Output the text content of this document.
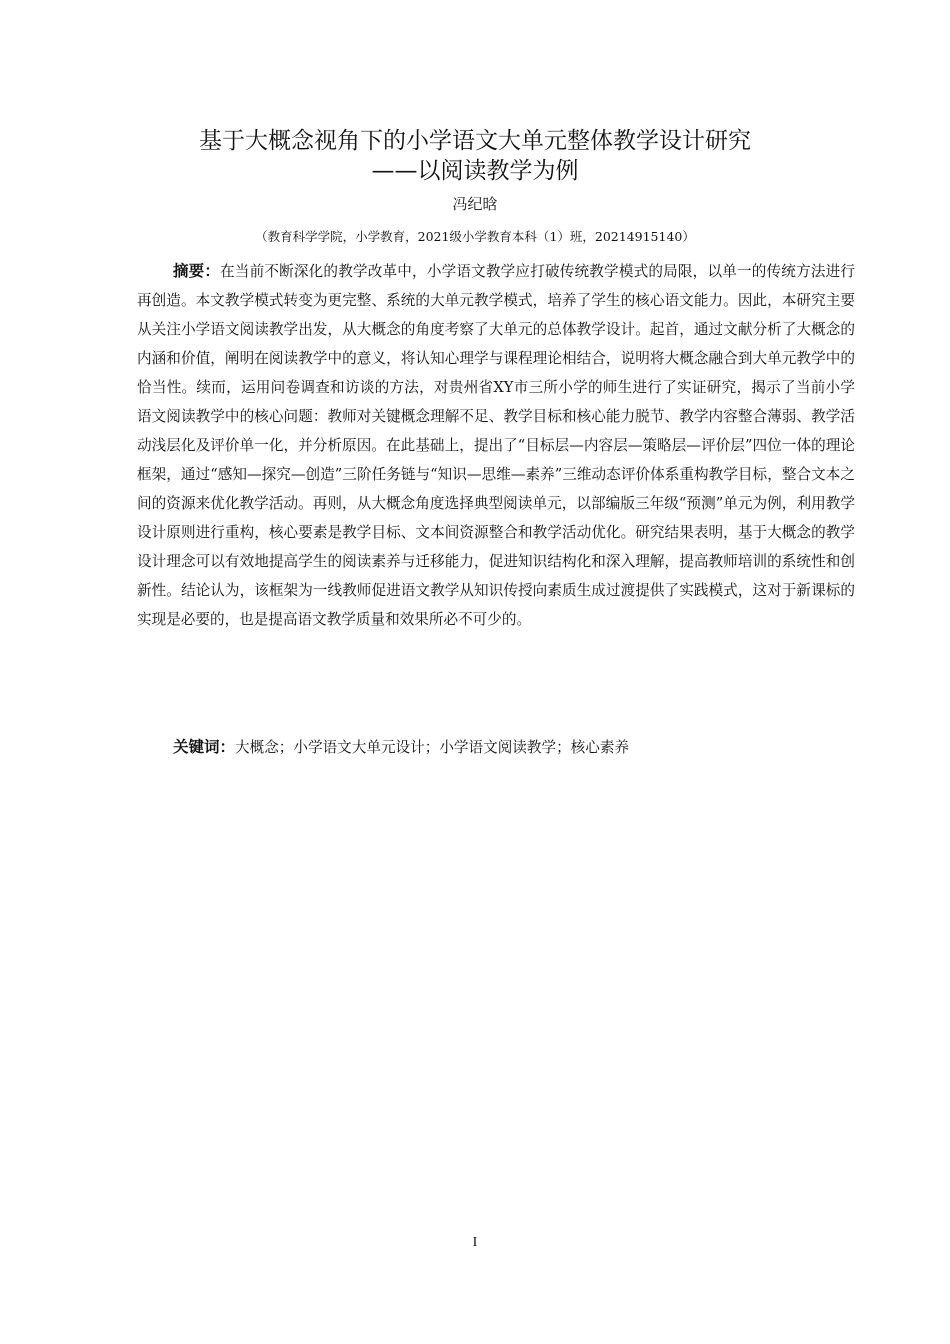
基于大概念视角下的小学语文大单元整体教学设计研究
——以阅读教学为例
冯纪晗
（教育科学学院，小学教育，2021级小学教育本科（1）班，20214915140）

摘要：在当前不断深化的教学改革中，小学语文教学应打破传统教学模式的局限，以单一的传统方法进行再创造。本文教学模式转变为更完整、系统的大单元教学模式，培养了学生的核心语文能力。因此，本研究主要从关注小学语文阅读教学出发，从大概念的角度考察了大单元的总体教学设计。起首，通过文献分析了大概念的内涵和价值，阐明在阅读教学中的意义，将认知心理学与课程理论相结合，说明将大概念融合到大单元教学中的恰当性。续而，运用问卷调查和访谈的方法，对贵州省XY市三所小学的师生进行了实证研究，揭示了当前小学语文阅读教学中的核心问题：教师对关键概念理解不足、教学目标和核心能力脱节、教学内容整合薄弱、教学活动浅层化及评价单一化，并分析原因。在此基础上，提出了“目标层—内容层—策略层—评价层”四位一体的理论框架，通过“感知—探究—创造”三阶任务链与“知识—思维—素养”三维动态评价体系重构教学目标，整合文本之间的资源来优化教学活动。再则，从大概念角度选择典型阅读单元，以部编版三年级“预测”单元为例，利用教学设计原则进行重构，核心要素是教学目标、文本间资源整合和教学活动优化。研究结果表明，基于大概念的教学设计理念可以有效地提高学生的阅读素养与迁移能力，促进知识结构化和深入理解，提高教师培训的系统性和创新性。结论认为，该框架为一线教师促进语文教学从知识传授向素质生成过渡提供了实践模式，这对于新课标的实现是必要的，也是提高语文教学质量和效果所必不可少的。

关键词：大概念；小学语文大单元设计；小学语文阅读教学；核心素养

I
